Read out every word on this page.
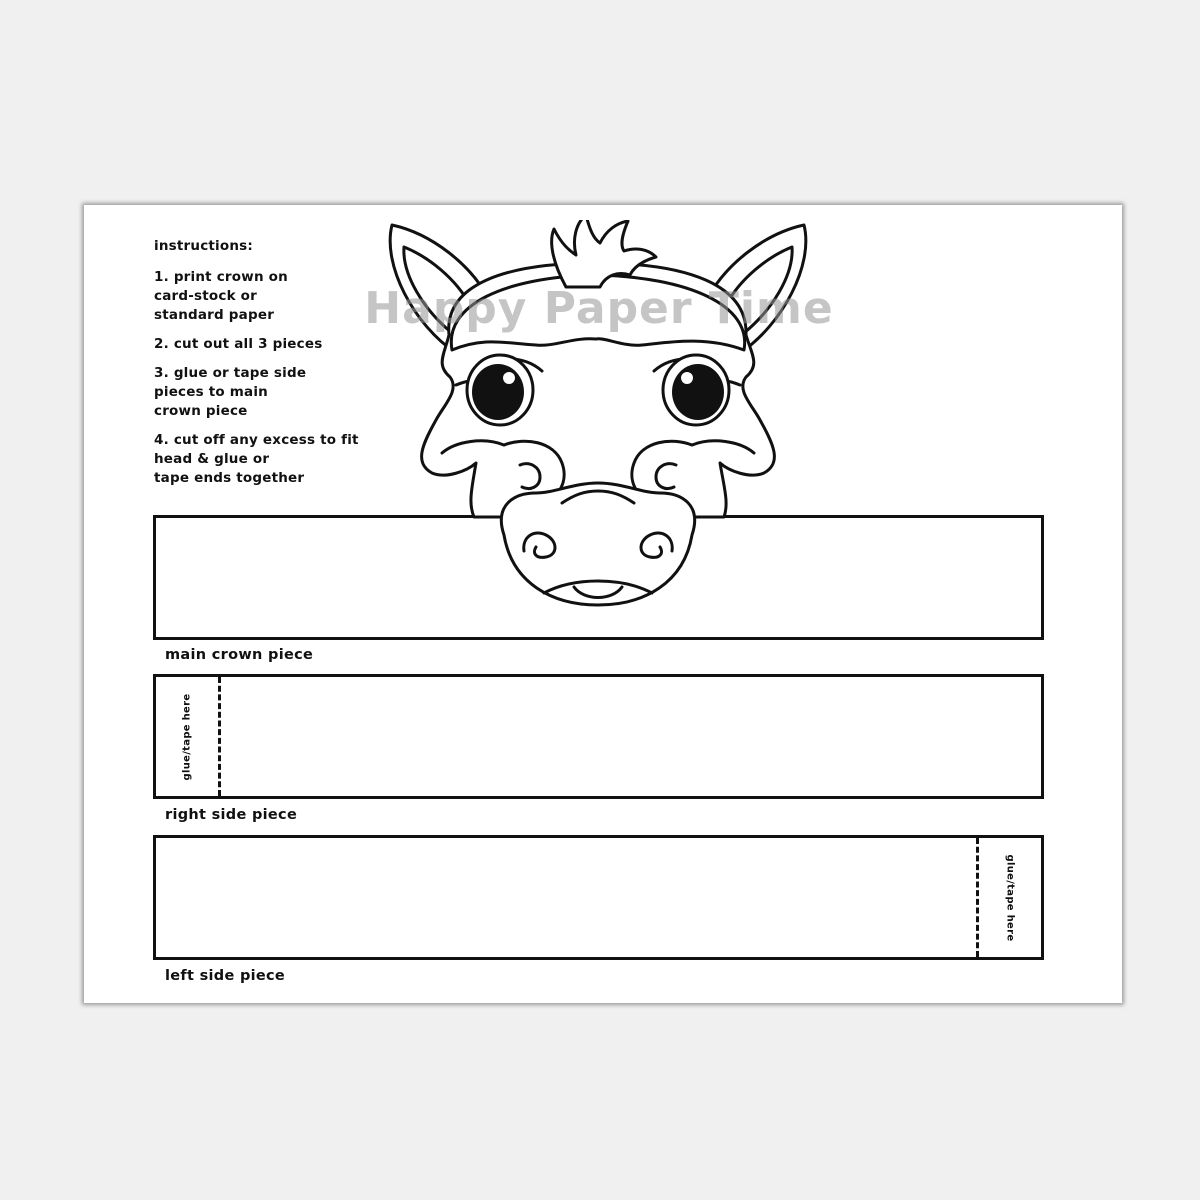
instructions:

1. print crown on
card-stock or
standard paper

2. cut out all 3 pieces

3. glue or tape side
pieces to main
crown piece

4. cut off any excess to fit
head & glue or
tape ends together

main crown piece
glue/tape here
right side piece
glue/tape here
left side piece
Happy Paper Time
